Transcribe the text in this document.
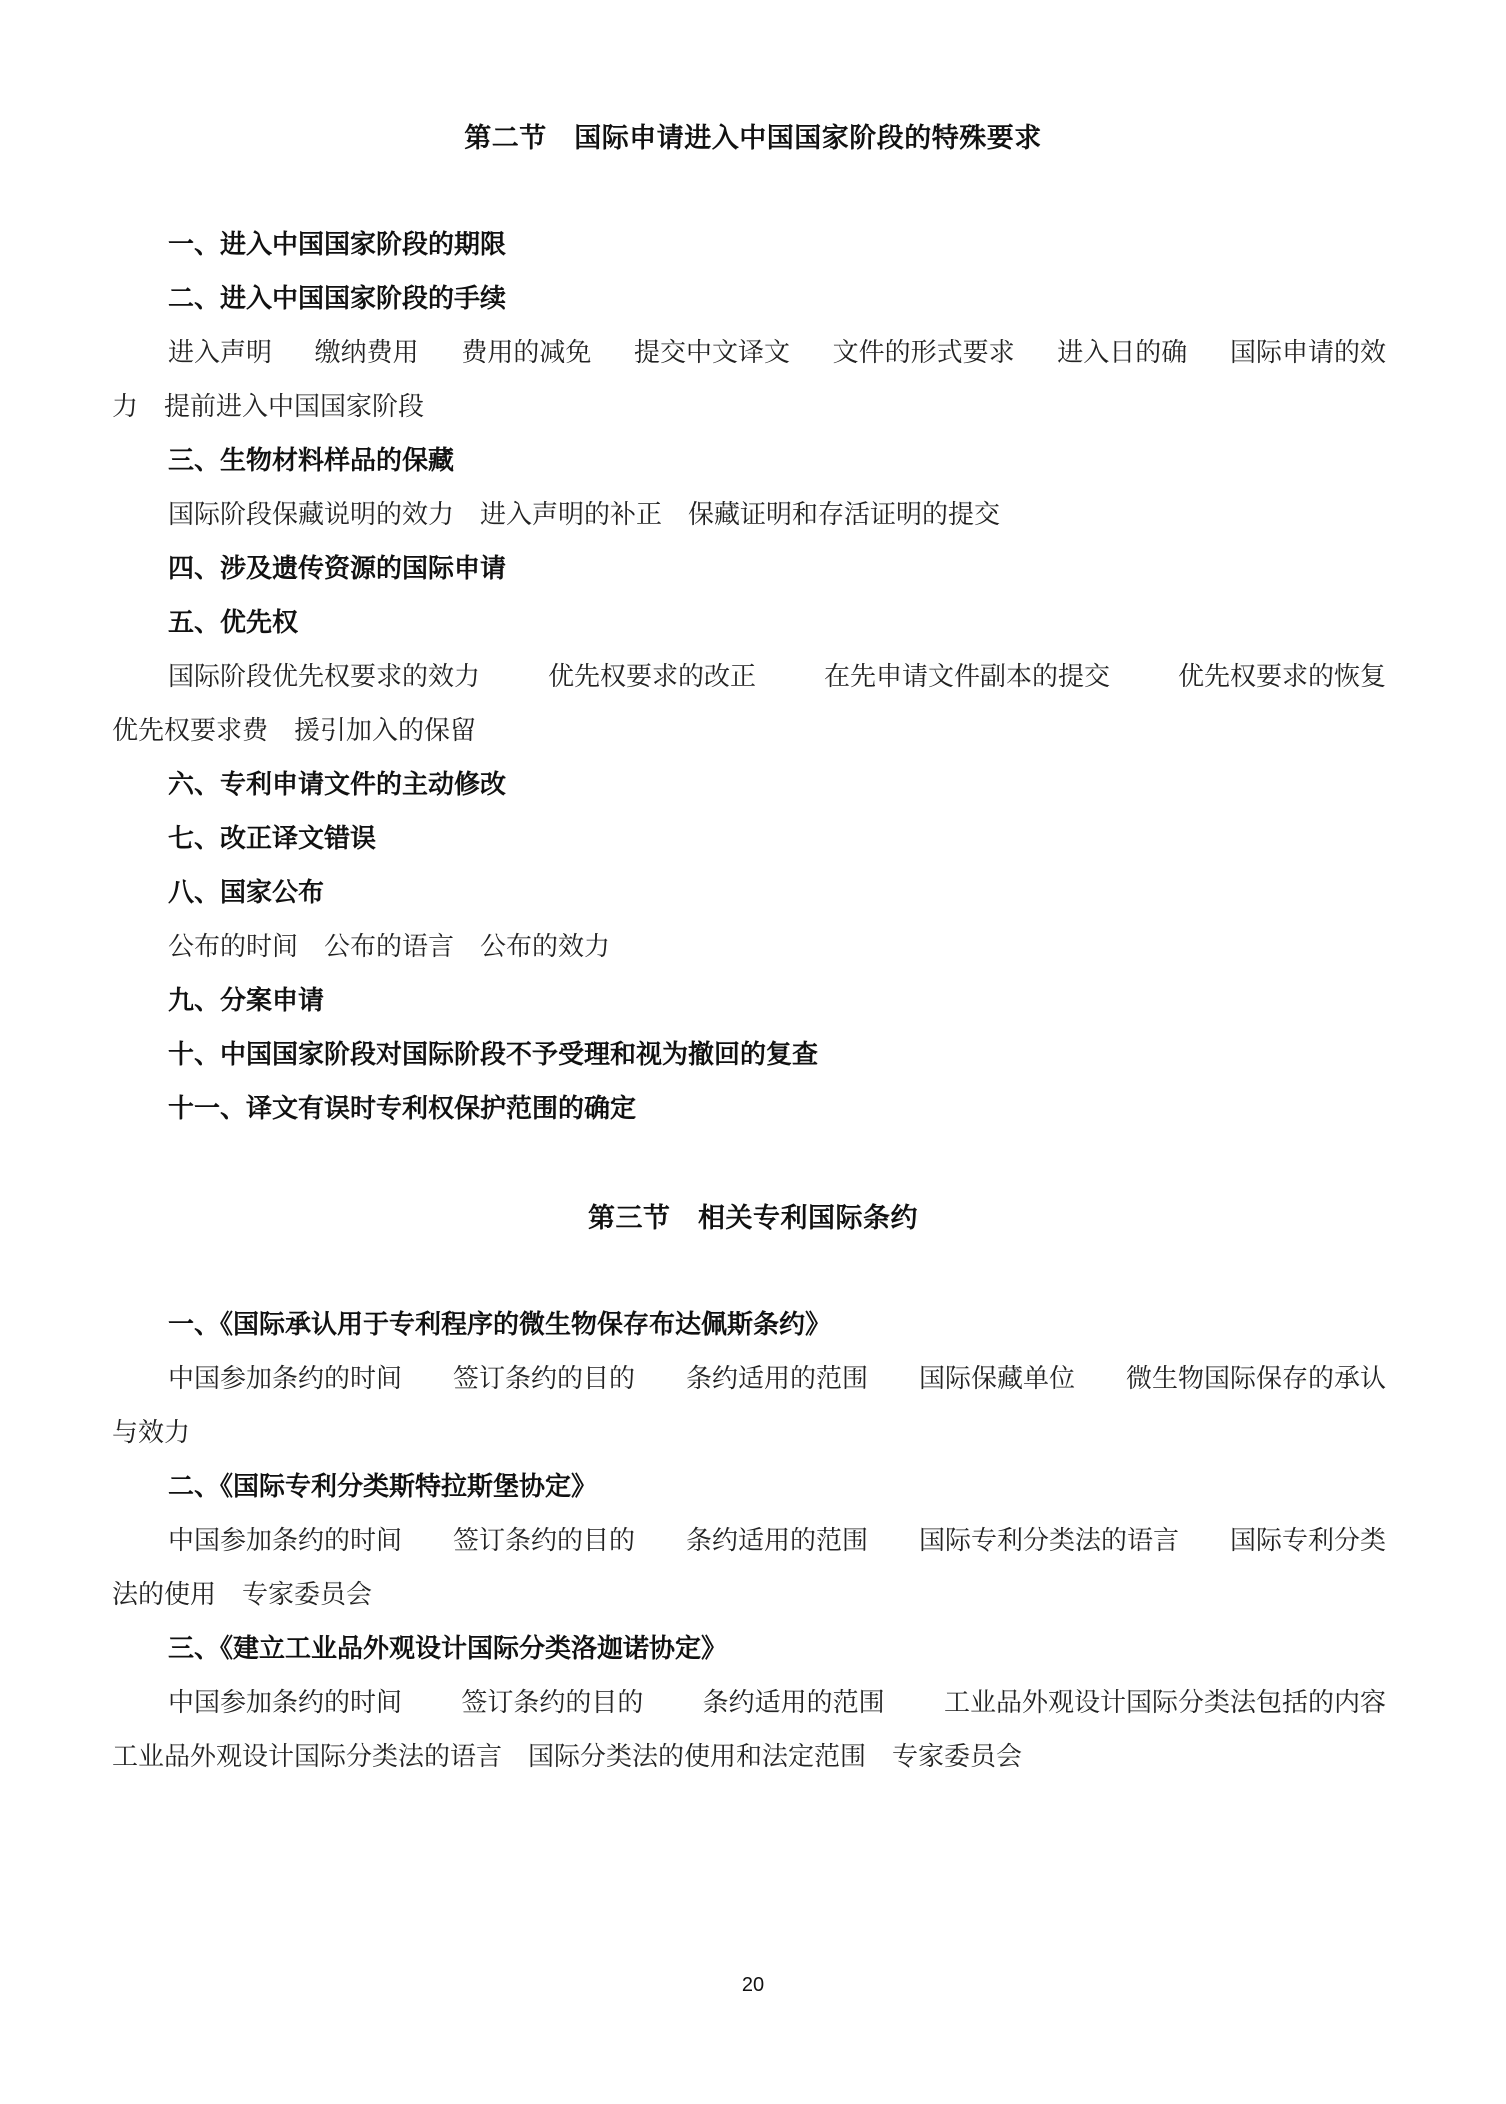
第二节　国际申请进入中国国家阶段的特殊要求
一、进入中国国家阶段的期限
二、进入中国国家阶段的手续
进入声明 缴纳费用 费用的减免 提交中文译文 文件的形式要求 进入日的确 国际申请的效
力　提前进入中国国家阶段
三、生物材料样品的保藏
国际阶段保藏说明的效力　进入声明的补正　保藏证明和存活证明的提交
四、涉及遗传资源的国际申请
五、优先权
国际阶段优先权要求的效力	优先权要求的改正	在先申请文件副本的提交	优先权要求的恢复
优先权要求费　援引加入的保留
六、专利申请文件的主动修改
七、改正译文错误
八、国家公布
公布的时间　公布的语言　公布的效力
九、分案申请
十、中国国家阶段对国际阶段不予受理和视为撤回的复查
十一、译文有误时专利权保护范围的确定
第三节　相关专利国际条约
一、《国际承认用于专利程序的微生物保存布达佩斯条约》
中国参加条约的时间 签订条约的目的 条约适用的范围 国际保藏单位 微生物国际保存的承认
与效力
二、《国际专利分类斯特拉斯堡协定》
中国参加条约的时间 签订条约的目的 条约适用的范围 国际专利分类法的语言 国际专利分类
法的使用　专家委员会
三、《建立工业品外观设计国际分类洛迦诺协定》
中国参加条约的时间 签订条约的目的 条约适用的范围 工业品外观设计国际分类法包括的内容
工业品外观设计国际分类法的语言　国际分类法的使用和法定范围　专家委员会
20
